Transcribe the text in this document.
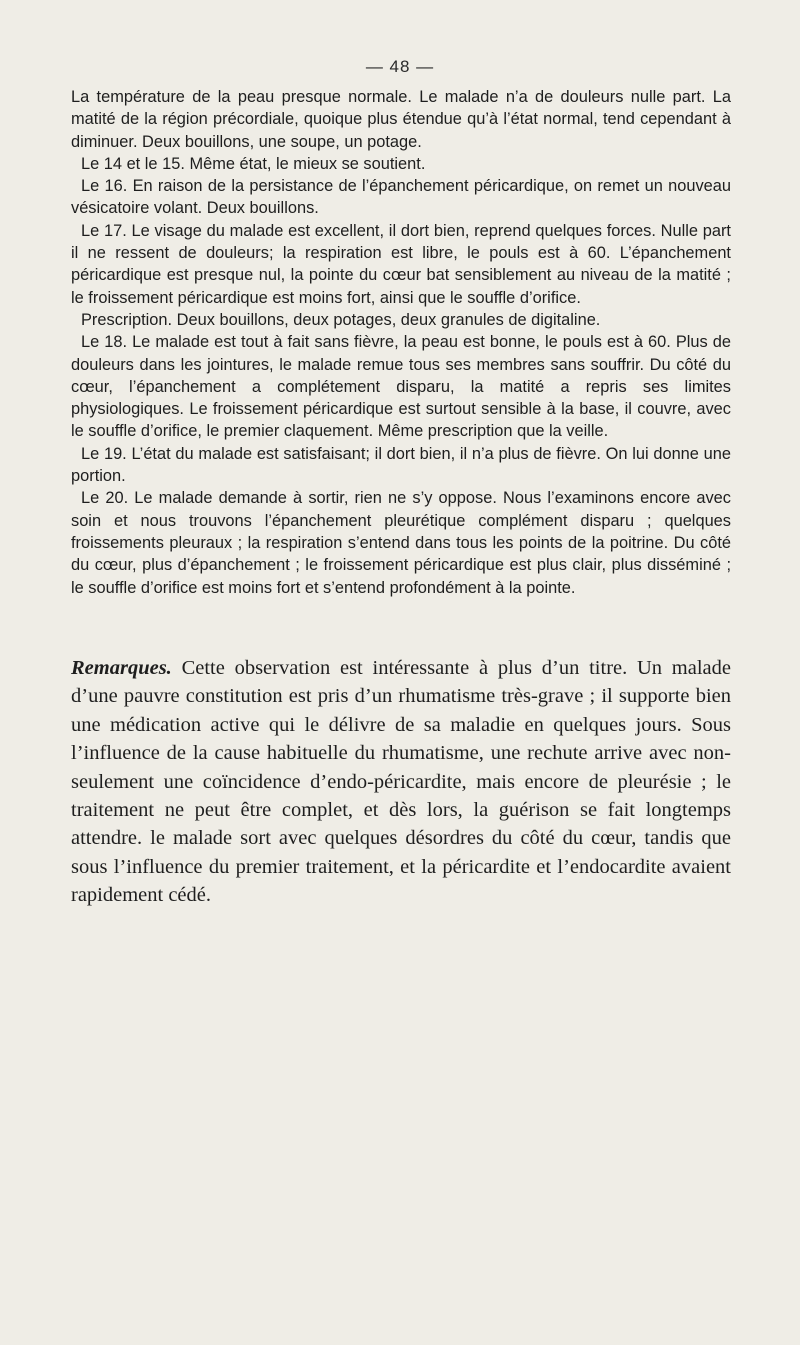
— 48 —

La température de la peau presque normale. Le malade n’a de douleurs nulle part. La matité de la région précordiale, quoique plus étendue qu’à l’état normal, tend cependant à diminuer. Deux bouillons, une soupe, un potage.

Le 14 et le 15. Même état, le mieux se soutient.

Le 16. En raison de la persistance de l’épanchement péricardique, on remet un nouveau vésicatoire volant. Deux bouillons.

Le 17. Le visage du malade est excellent, il dort bien, reprend quelques forces. Nulle part il ne ressent de douleurs; la respiration est libre, le pouls est à 60. L’épanchement péricardique est presque nul, la pointe du cœur bat sensiblement au niveau de la matité ; le froissement péricardique est moins fort, ainsi que le souffle d’orifice.

Prescription. Deux bouillons, deux potages, deux granules de digitaline.

Le 18. Le malade est tout à fait sans fièvre, la peau est bonne, le pouls est à 60. Plus de douleurs dans les jointures, le malade remue tous ses membres sans souffrir. Du côté du cœur, l’épanchement a complétement disparu, la matité a repris ses limites physiologiques. Le froissement péricardique est surtout sensible à la base, il couvre, avec le souffle d’orifice, le premier claquement. Même prescription que la veille.

Le 19. L’état du malade est satisfaisant; il dort bien, il n’a plus de fièvre. On lui donne une portion.

Le 20. Le malade demande à sortir, rien ne s’y oppose. Nous l’examinons encore avec soin et nous trouvons l’épanchement pleurétique complément disparu ; quelques froissements pleuraux ; la respiration s’entend dans tous les points de la poitrine. Du côté du cœur, plus d’épanchement ; le froissement péricardique est plus clair, plus disséminé ; le souffle d’orifice est moins fort et s’entend profondément à la pointe.

Remarques. Cette observation est intéressante à plus d’un titre. Un malade d’une pauvre constitution est pris d’un rhumatisme très-grave ; il supporte bien une médication active qui le délivre de sa maladie en quelques jours. Sous l’influence de la cause habituelle du rhumatisme, une rechute arrive avec non-seulement une coïncidence d’endo-péricardite, mais encore de pleurésie ; le traitement ne peut être complet, et dès lors, la guérison se fait longtemps attendre. le malade sort avec quelques désordres du côté du cœur, tandis que sous l’influence du premier traitement, et la péricardite et l’endocardite avaient rapidement cédé.
